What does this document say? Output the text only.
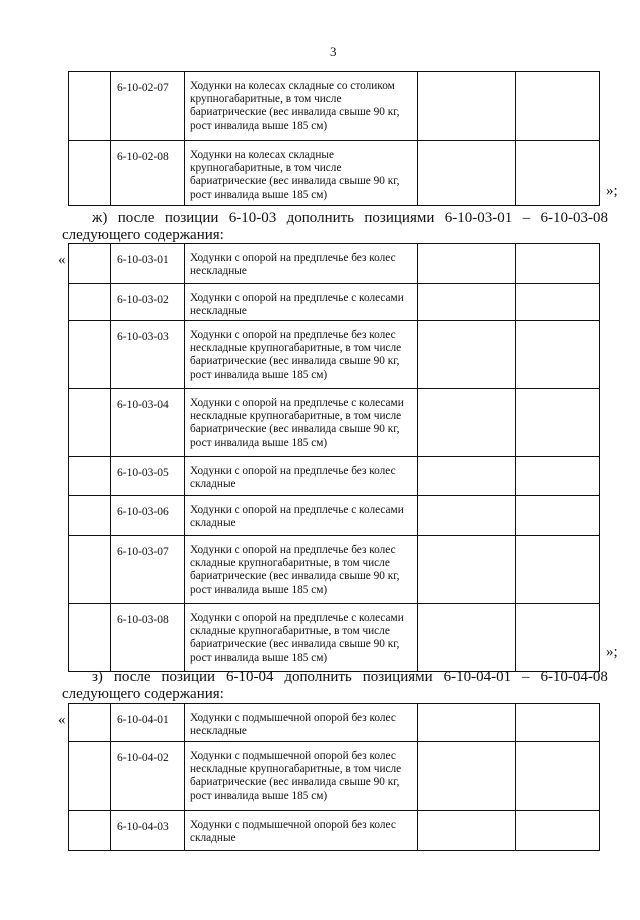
3
	6-10-02-07	Ходунки на колесах складные со столиком крупногабаритные, в том числе бариатрические (вес инвалида свыше 90 кг, рост инвалида выше 185 см)		
	6-10-02-08	Ходунки на колесах складные крупногабаритные, в том числе бариатрические (вес инвалида свыше 90 кг, рост инвалида выше 185 см)			»;
ж) после позиции 6-10-03 дополнить позициями 6-10-03-01 – 6-10-03-08
следующего содержания:
«
		6-10-03-01	Ходунки с опорой на предплечье без колес нескладные		
	6-10-03-02	Ходунки с опорой на предплечье с колесами нескладные		
	6-10-03-03	Ходунки с опорой на предплечье без колес нескладные крупногабаритные, в том числе бариатрические (вес инвалида свыше 90 кг, рост инвалида выше 185 см)		
	6-10-03-04	Ходунки с опорой на предплечье с колесами нескладные крупногабаритные, в том числе бариатрические (вес инвалида свыше 90 кг, рост инвалида выше 185 см)		
	6-10-03-05	Ходунки с опорой на предплечье без колес складные		
	6-10-03-06	Ходунки с опорой на предплечье с колесами складные		
	6-10-03-07	Ходунки с опорой на предплечье без колес складные крупногабаритные, в том числе бариатрические (вес инвалида свыше 90 кг, рост инвалида выше 185 см)		
	6-10-03-08	Ходунки с опорой на предплечье с колесами складные крупногабаритные, в том числе бариатрические (вес инвалида свыше 90 кг, рост инвалида выше 185 см)			»;
з) после позиции 6-10-04 дополнить позициями 6-10-04-01 – 6-10-04-08
следующего содержания:
«
		6-10-04-01	Ходунки с подмышечной опорой без колес нескладные		
	6-10-04-02	Ходунки с подмышечной опорой без колес нескладные крупногабаритные, в том числе бариатрические (вес инвалида свыше 90 кг, рост инвалида выше 185 см)		
	6-10-04-03	Ходунки с подмышечной опорой без колес складные		
